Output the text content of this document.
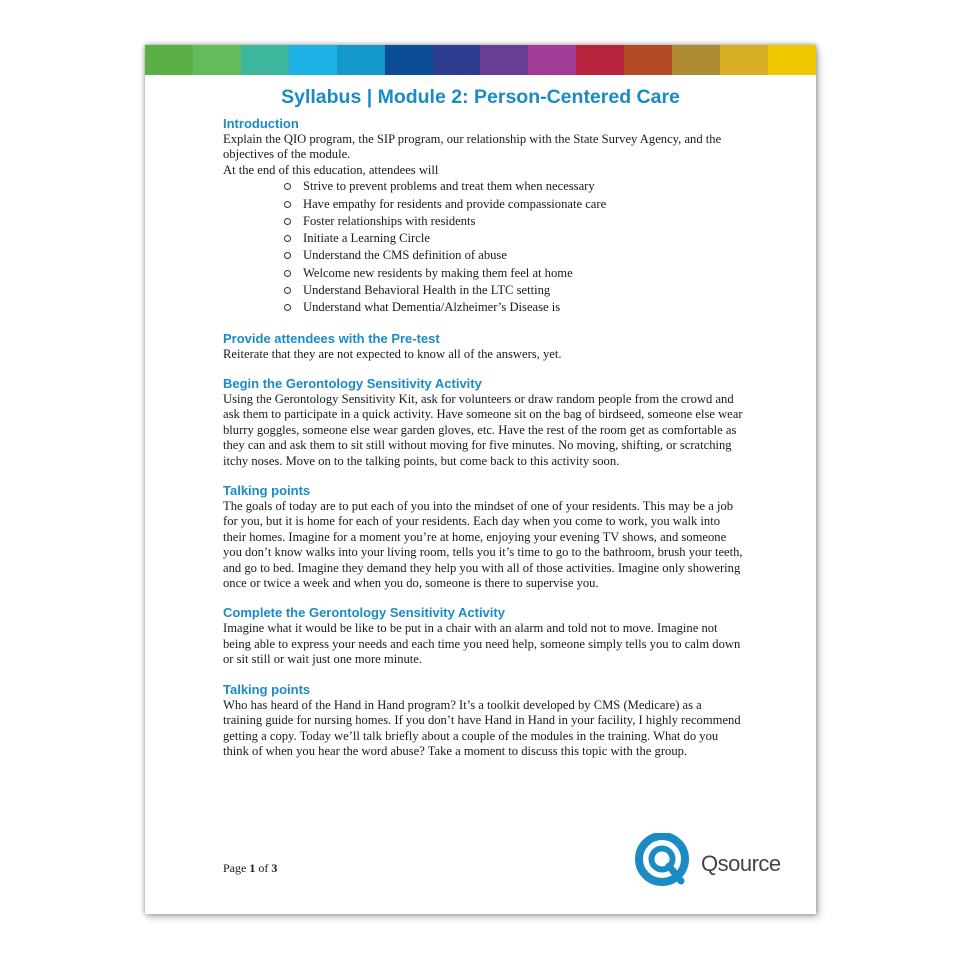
Syllabus | Module 2: Person-Centered Care
Introduction

Explain the QIO program, the SIP program, our relationship with the State Survey Agency, and the objectives of the module.

At the end of this education, attendees will

Strive to prevent problems and treat them when necessary
Have empathy for residents and provide compassionate care
Foster relationships with residents
Initiate a Learning Circle
Understand the CMS definition of abuse
Welcome new residents by making them feel at home
Understand Behavioral Health in the LTC setting
Understand what Dementia/Alzheimer’s Disease is
Provide attendees with the Pre-test

Reiterate that they are not expected to know all of the answers, yet.

Begin the Gerontology Sensitivity Activity

Using the Gerontology Sensitivity Kit, ask for volunteers or draw random people from the crowd and ask them to participate in a quick activity. Have someone sit on the bag of birdseed, someone else wear blurry goggles, someone else wear garden gloves, etc. Have the rest of the room get as comfortable as they can and ask them to sit still without moving for five minutes. No moving, shifting, or scratching itchy noses. Move on to the talking points, but come back to this activity soon.

Talking points

The goals of today are to put each of you into the mindset of one of your residents. This may be a job for you, but it is home for each of your residents. Each day when you come to work, you walk into their homes. Imagine for a moment you’re at home, enjoying your evening TV shows, and someone you don’t know walks into your living room, tells you it’s time to go to the bathroom, brush your teeth, and go to bed. Imagine they demand they help you with all of those activities. Imagine only showering once or twice a week and when you do, someone is there to supervise you.

Complete the Gerontology Sensitivity Activity

Imagine what it would be like to be put in a chair with an alarm and told not to move. Imagine not being able to express your needs and each time you need help, someone simply tells you to calm down or sit still or wait just one more minute.

Talking points

Who has heard of the Hand in Hand program? It’s a toolkit developed by CMS (Medicare) as a training guide for nursing homes. If you don’t have Hand in Hand in your facility, I highly recommend getting a copy. Today we’ll talk briefly about a couple of the modules in the training. What do you think of when you hear the word abuse? Take a moment to discuss this topic with the group.

Page 1 of 3	Qsource
